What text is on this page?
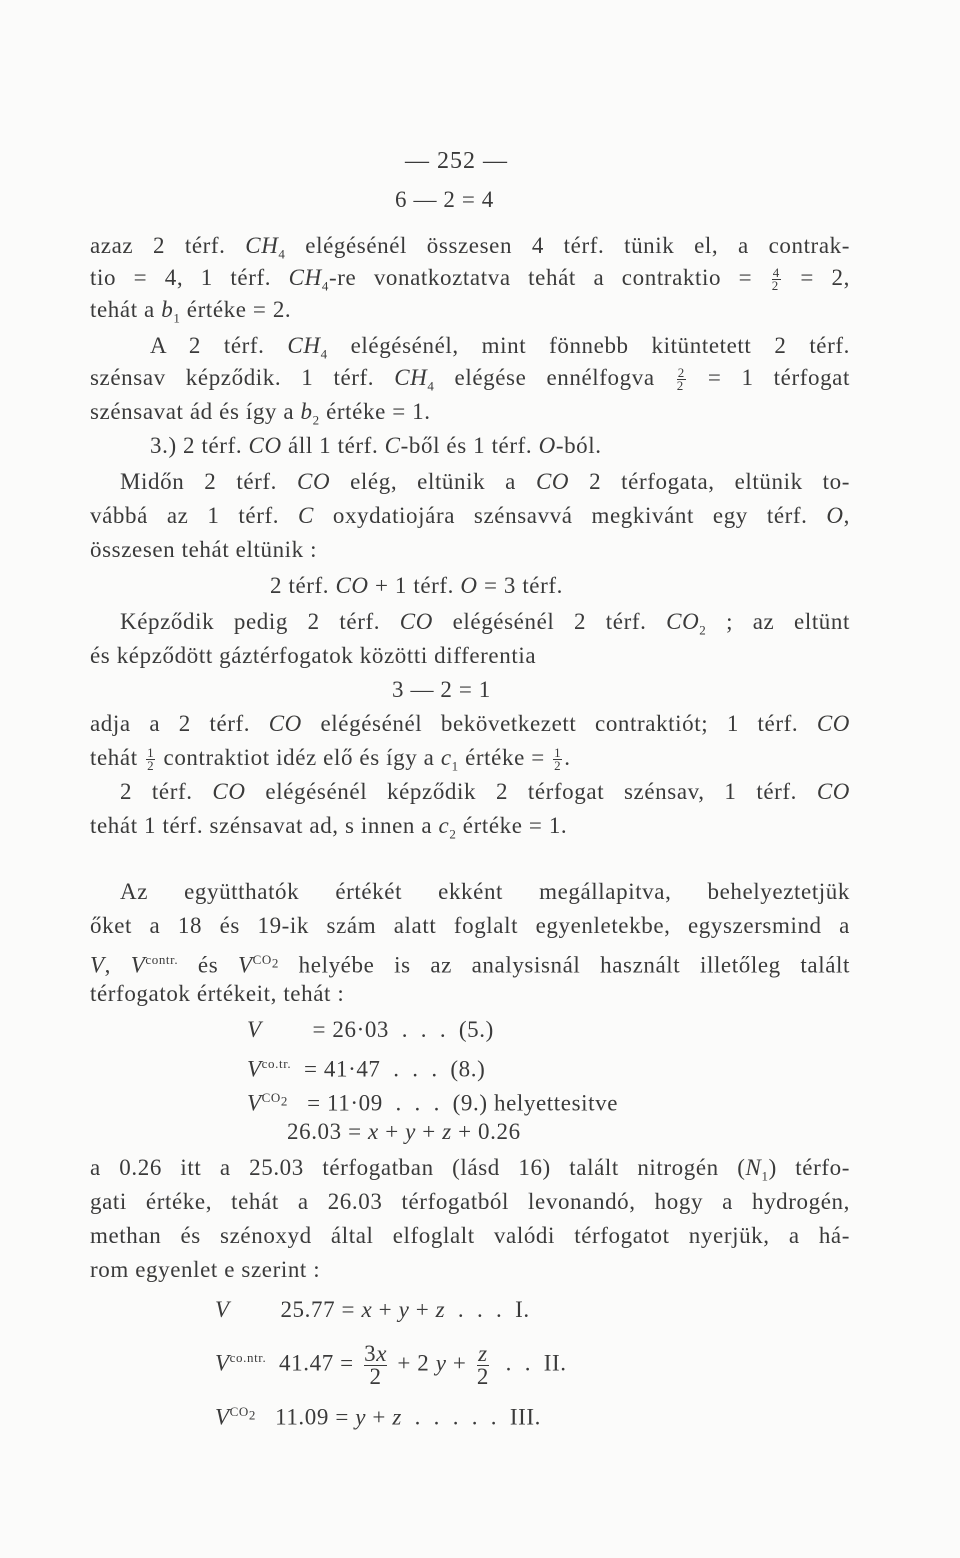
— 252 —
6 — 2 = 4
azaz 2 térf. $CH_4$ elégésénél összesen 4 térf. tünik el, a contrak-
tio = 4, 1 térf. $CH_4-re$ vonatkoztatva tehát a contraktio = $\frac{4}{2} = 2$,
tehát a $b_1$ értéke = 2.
A 2 térf. $CH_4$ elégésénél, mint fönnebb kitüntetett 2 térf.
szénsav képződik. 1 térf. $CH_4$ elégése ennélfogva $\frac{2}{2} = 1$ térfogat
szénsavat ád és így a $b_2$ értéke = 1.
3.) 2 térf. CO áll 1 térf. C-ből és 1 térf. O-ból.
Midőn 2 térf. CO elég, eltünik a CO 2 térfogata, eltünik to-
vábbá az 1 térf. C oxydatiojára szénsavvá megkivánt egy térf. O,
összesen tehát eltünik :
2 térf. CO + 1 térf. O = 3 térf.
Képződik pedig 2 térf. CO elégésénél 2 térf. $CO_2$ ; az eltünt
és képződött gáztérfogatok közötti differentia
3 — 2 = 1
adja a 2 térf. CO elégésénél bekövetkezett contraktiót; 1 térf. CO
tehát $\frac{1}{2}$ contraktiot idéz elő és így a $c_1$ értéke = $\frac{1}{2}$ .
2 térf. CO elégésénél képződik 2 térfogat szénsav, 1 térf. CO
tehát 1 térf. szénsavat ad, s innen a $c_2$ értéke = 1.
Az együtthatók értékét ekként megállapitva, behelyeztetjük
őket a 18 és 19-ik szám alatt foglalt egyenletekbe, egyszersmind a
V, $V^{contr.}$ és $V^{CO_2}$ helyébe is az analysisnál használt illetőleg talált
térfogatok értékeit, tehát :
V        = 26·03  .  .  .  (5.)
$V^{co.tr.} = 41\cdot 47$  .  .  .  (8.)
$V^{CO_2} = 11\cdot 09$  .  .  .  (9.) helyettesitve
26.03 = x + y + z + 0.26
a 0.26 itt a 25.03 térfogatban (lásd 16) talált nitrogén $(N_1)$ térfo-
gati értéke, tehát a 26.03 térfogatból levonandó, hogy a hydrogén,
methan és szénoxyd által elfoglalt valódi térfogatot nyerjük, a há-
rom egyenlet e szerint :
V        25.77 = x + y + z  .  .  .  I.
$V^{co.ntr.}$  $41.47 = \frac{3x}{2} + 2$ $y + \frac{z}{2}$ .  .  II.
$V^{CO_2}$   11.09 = y + z  .  .  .  .  .  III.
